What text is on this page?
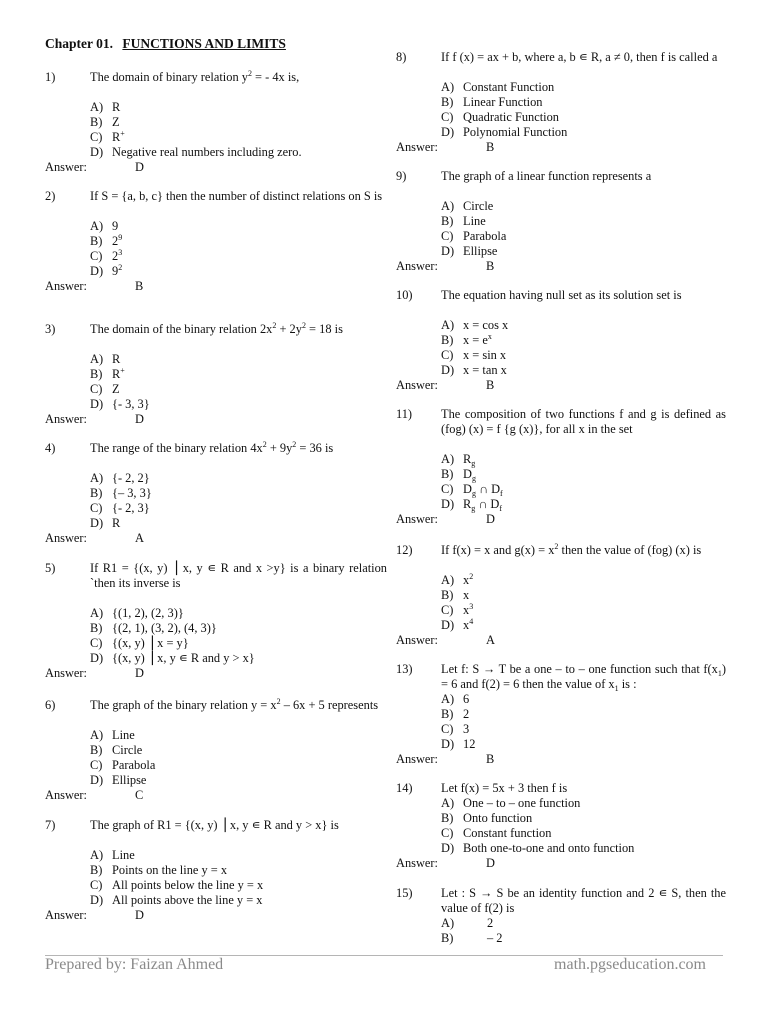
Chapter 01. FUNCTIONS AND LIMITS
1)	The domain of binary relation $y^2$ = - 4x is,
A) R
B) Z
C) R+
D) Negative real numbers including zero.
Answer:	D
2)	If S = {a, b, c} then the number of distinct relations on S is
A) 9
B) $2^9$
C) $2^3$
D) $9^2$
Answer:	B
3)	The domain of the binary relation $2x^2 + 2y^2 = 18$ is
A) R
B) R+
C) Z
D) {- 3, 3}
Answer:	D
4)	The range of the binary relation $4x^2 + 9y^2 = 36$ is
A) {- 2, 2}
B) {– 3, 3}
C) {- 2, 3}
D) R
Answer:	A
5)	If R1 = {(x, y) ⎥ x, y ∊ R and x >y} is a binary relation `then its inverse is
A) {(1, 2), (2, 3)}
B) {(2, 1), (3, 2), (4, 3)}
C) {(x, y) ⎥ x = y}
D) {(x, y) ⎥ x, y ∊ R and y > x}
Answer:	D
6)	The graph of the binary relation $y = x^2 - 6x + 5$ represents
A) Line
B) Circle
C) Parabola
D) Ellipse
Answer:	C
7)	The graph of R1 = {(x, y) ⎥ x, y ∊ R and y > x} is
A) Line
B) Points on the line y = x
C) All points below the line y = x
D) All points above the line y = x
Answer:	D
8)	If f (x) = ax + b, where a, b ∊ R, a ≠ 0, then f is called a
A) Constant Function
B) Linear Function
C) Quadratic Function
D) Polynomial Function
Answer:	B
9)	The graph of a linear function represents a
A) Circle
B) Line
C) Parabola
D) Ellipse
Answer:	B
10) The equation having null set as its solution set is
A) x = cos x
B) $x = e^x$
C) x = sin x
D) x = tan x
Answer:	B
11) The composition of two functions f and g is defined as (fog) (x) = f {g (x)}, for all x in the set
A) $R_g$
B) $D_g$
C) $D_g$ ∩ $D_f$
D) $R_g$ ∩ $D_f$
Answer:	D
12) If f(x) = x and $g(x) = x^2$ then the value of (fog) (x) is
A) $x^2$
B) x
C) $x^3$
D) $x^4$
Answer:	A
13) Let f: S → T be a one – to – one function such that $f(x_1) = 6$ and f(2) = 6 then the value of $x_1$ is :
A) 6
B) 2
C) 3
D) 12
Answer:	B
14) Let f(x) = 5x + 3 then f is
A) One – to – one function
B) Onto function
C) Constant function
D) Both one-to-one and onto function
Answer:	D
15) Let : S → S be an identity function and 2 ∊ S, then the value of f(2) is
A)	2
B)	– 2
Prepared by: Faizan Ahmed	math.pgseducation.com
